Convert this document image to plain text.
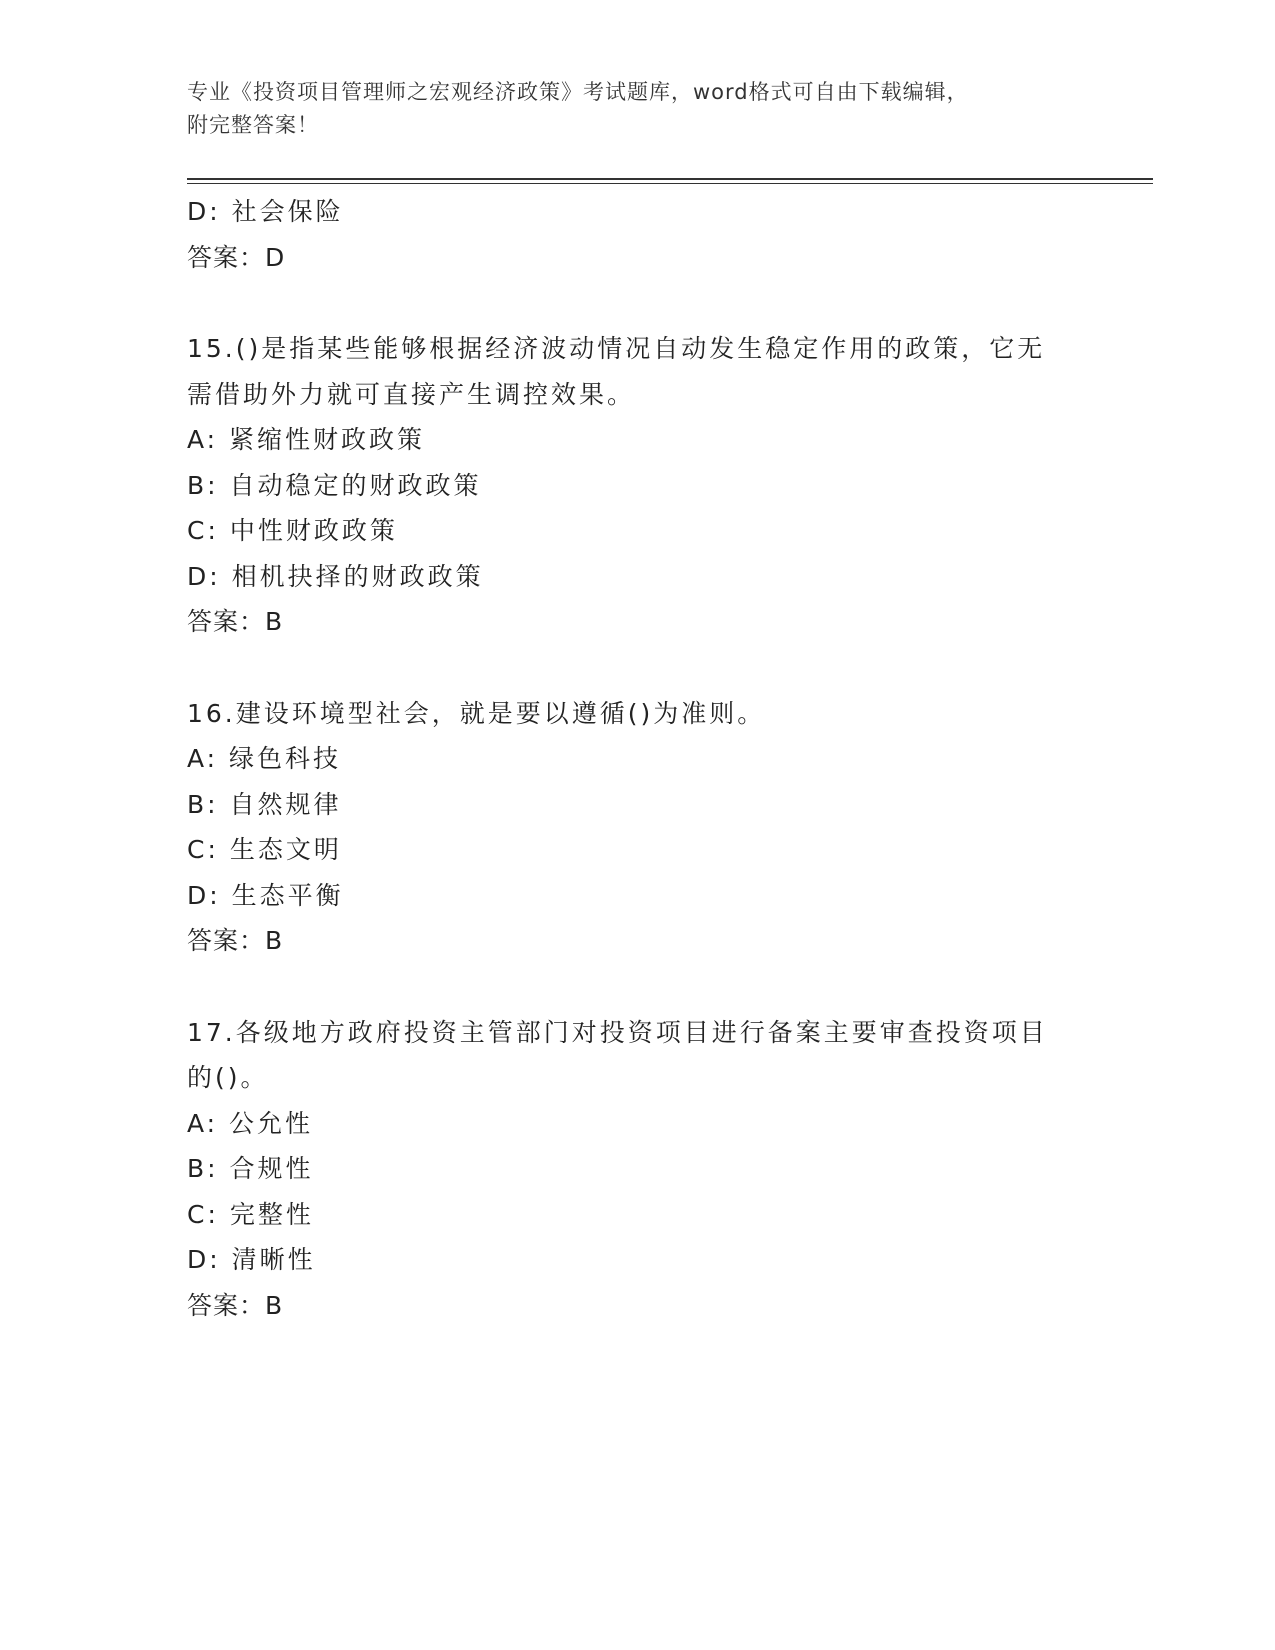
专业《投资项目管理师之宏观经济政策》考试题库，word格式可自由下载编辑，
附完整答案！
D: 社会保险
答案：D
15.()是指某些能够根据经济波动情况自动发生稳定作用的政策，它无
需借助外力就可直接产生调控效果。
A: 紧缩性财政政策
B: 自动稳定的财政政策
C: 中性财政政策
D: 相机抉择的财政政策
答案：B
16.建设环境型社会，就是要以遵循()为准则。
A: 绿色科技
B: 自然规律
C: 生态文明
D: 生态平衡
答案：B
17.各级地方政府投资主管部门对投资项目进行备案主要审查投资项目
的()。
A: 公允性
B: 合规性
C: 完整性
D: 清晰性
答案：B
